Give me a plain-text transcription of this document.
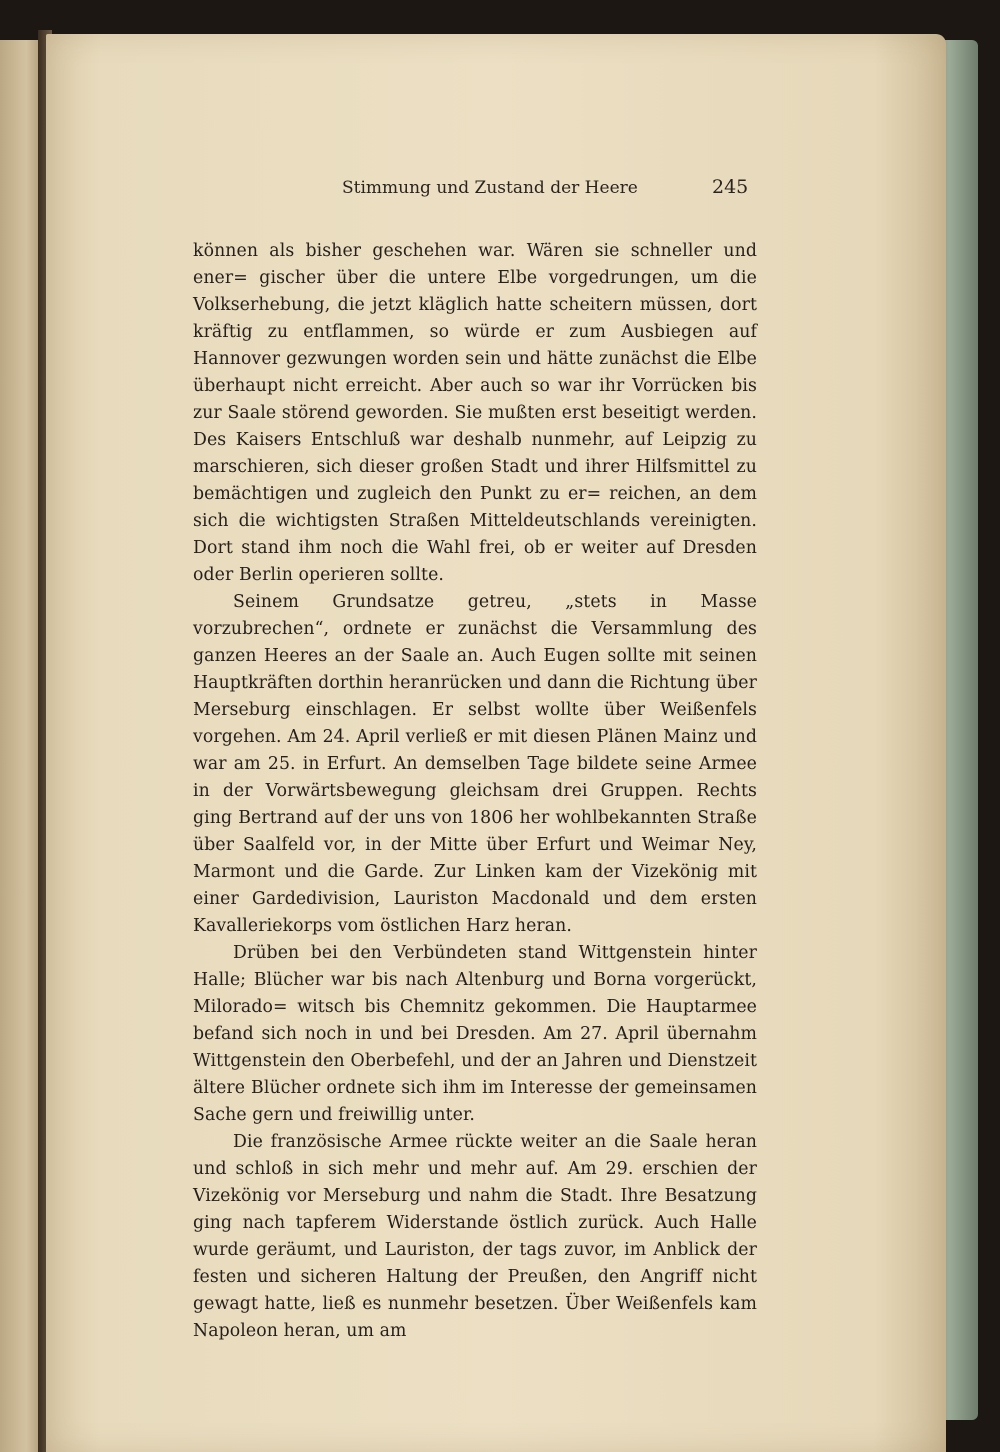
Stimmung und Zustand der Heere	245

können als bisher geschehen war. Wären sie schneller und ener= gischer über die untere Elbe vorgedrungen, um die Volkserhebung, die jetzt kläglich hatte scheitern müssen, dort kräftig zu entflammen, so würde er zum Ausbiegen auf Hannover gezwungen worden sein und hätte zunächst die Elbe überhaupt nicht erreicht. Aber auch so war ihr Vorrücken bis zur Saale störend geworden. Sie mußten erst beseitigt werden. Des Kaisers Entschluß war deshalb nunmehr, auf Leipzig zu marschieren, sich dieser großen Stadt und ihrer Hilfsmittel zu bemächtigen und zugleich den Punkt zu er= reichen, an dem sich die wichtigsten Straßen Mitteldeutschlands vereinigten. Dort stand ihm noch die Wahl frei, ob er weiter auf Dresden oder Berlin operieren sollte.

Seinem Grundsatze getreu, „stets in Masse vorzubrechen“, ordnete er zunächst die Versammlung des ganzen Heeres an der Saale an. Auch Eugen sollte mit seinen Hauptkräften dorthin heranrücken und dann die Richtung über Merseburg einschlagen. Er selbst wollte über Weißenfels vorgehen. Am 24. April verließ er mit diesen Plänen Mainz und war am 25. in Erfurt. An demselben Tage bildete seine Armee in der Vorwärtsbewegung gleichsam drei Gruppen. Rechts ging Bertrand auf der uns von 1806 her wohlbekannten Straße über Saalfeld vor, in der Mitte über Erfurt und Weimar Ney, Marmont und die Garde. Zur Linken kam der Vizekönig mit einer Gardedivision, Lauriston Macdonald und dem ersten Kavalleriekorps vom östlichen Harz heran.

Drüben bei den Verbündeten stand Wittgenstein hinter Halle; Blücher war bis nach Altenburg und Borna vorgerückt, Milorado= witsch bis Chemnitz gekommen. Die Hauptarmee befand sich noch in und bei Dresden. Am 27. April übernahm Wittgenstein den Oberbefehl, und der an Jahren und Dienstzeit ältere Blücher ordnete sich ihm im Interesse der gemeinsamen Sache gern und freiwillig unter.

Die französische Armee rückte weiter an die Saale heran und schloß in sich mehr und mehr auf. Am 29. erschien der Vizekönig vor Merseburg und nahm die Stadt. Ihre Besatzung ging nach tapferem Widerstande östlich zurück. Auch Halle wurde geräumt, und Lauriston, der tags zuvor, im Anblick der festen und sicheren Haltung der Preußen, den Angriff nicht gewagt hatte, ließ es nunmehr besetzen. Über Weißenfels kam Napoleon heran, um am
